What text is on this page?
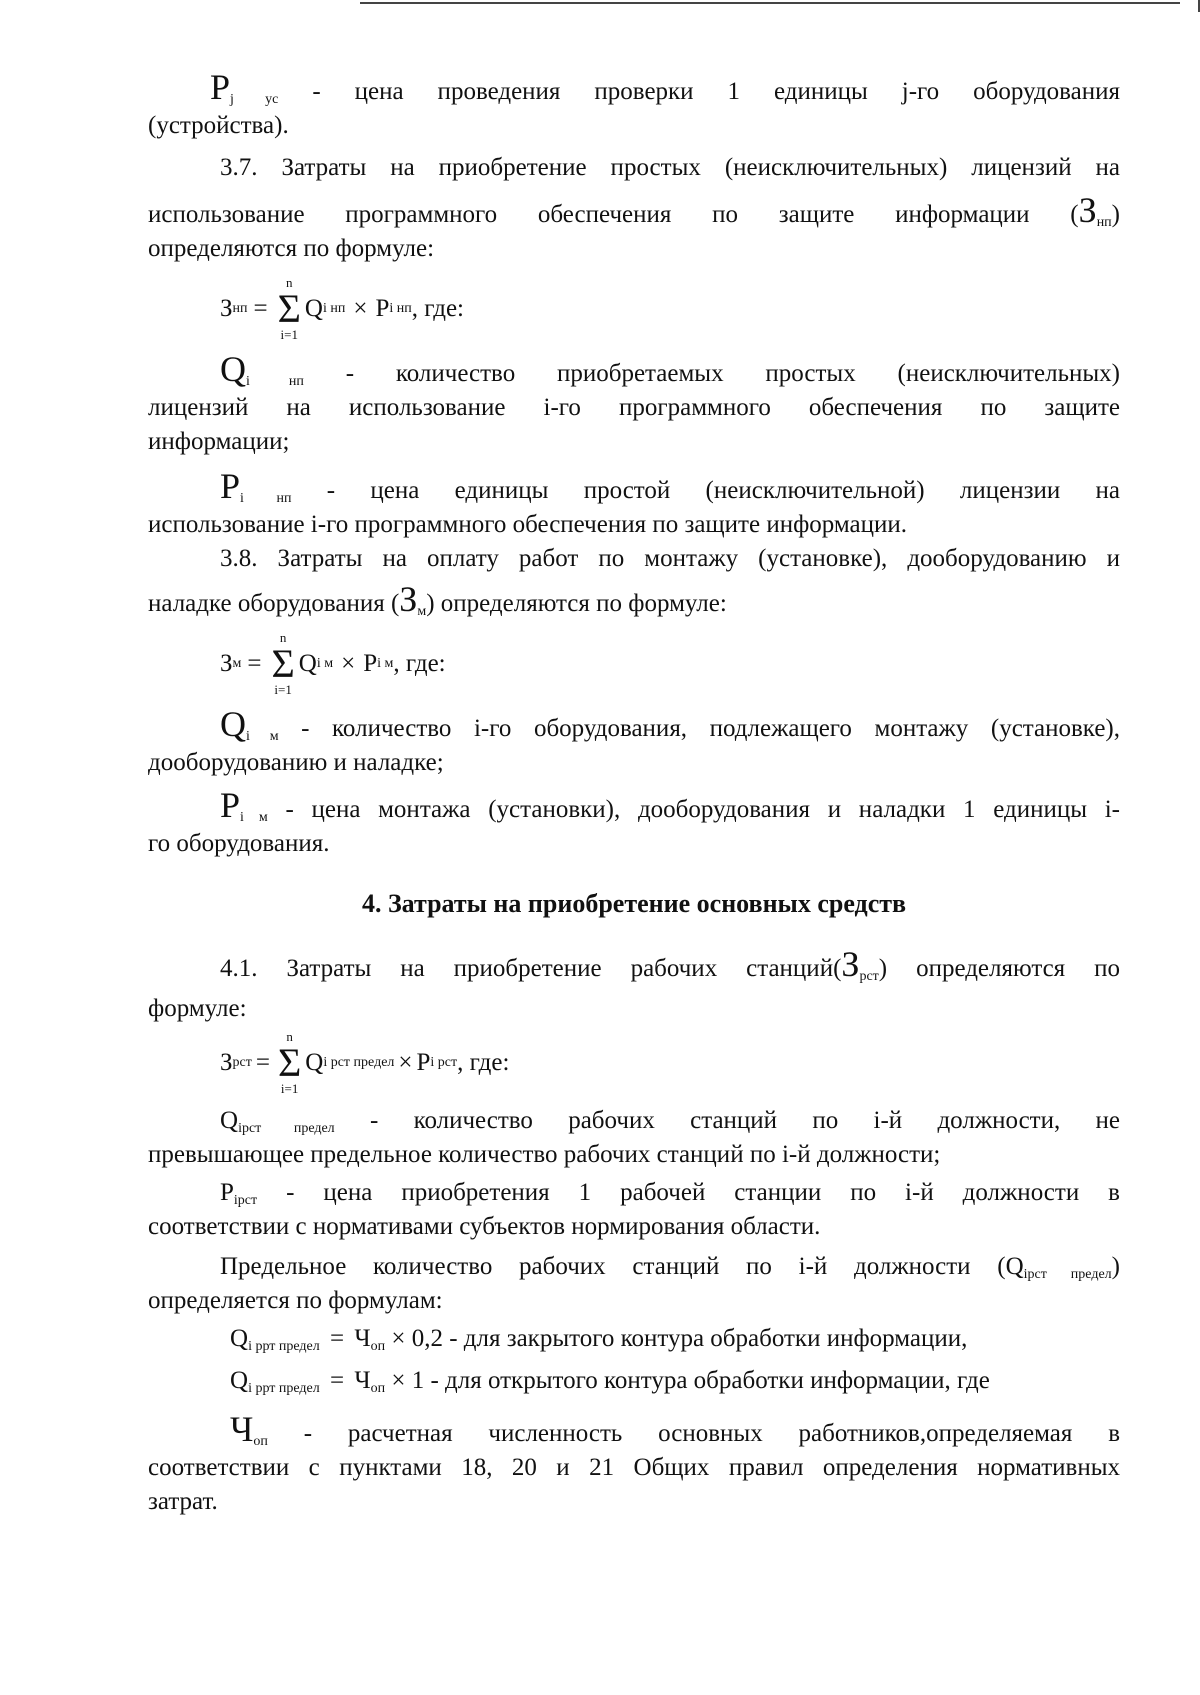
$P_{j ус}$ - цена проведения проверки 1 единицы j-го оборудования

(устройства).

3.7. Затраты на приобретение простых (неисключительных) лицензий на

использование программного обеспечения по защите информации $(З_{нп})$

определяются по формуле:

З нп =
n
Σ
i=1
Q i нп × P i нп , где:

$Q_{i нп}$ - количество приобретаемых простых (неисключительных)

лицензий на использование i-го программного обеспечения по защите

информации;

$P_{i нп}$ - цена единицы простой (неисключительной) лицензии на

использование i-го программного обеспечения по защите информации.

3.8. Затраты на оплату работ по монтажу (установке), дооборудованию и

наладке оборудования $(З_м)$ определяются по формуле:

З м =
n
Σ
i=1
Q i м × P i м , где:

$Q_{i м}$ - количество i-го оборудования, подлежащего монтажу (установке),

дооборудованию и наладке;

$P_{i м}$ - цена монтажа (установки), дооборудования и наладки 1 единицы i-

го оборудования.

4. Затраты на приобретение основных средств

4.1. Затраты на приобретение рабочих $станций(З_{рст})$ определяются по

формуле:

З рст =
n
Σ
i=1
Q i рст предел × P i рст , где:

$Q_{iрст предел}$ - количество рабочих станций по i-й должности, не

превышающее предельное количество рабочих станций по i-й должности;

$P_{iрст}$ - цена приобретения 1 рабочей станции по i-й должности в

соответствии с нормативами субъектов нормирования области.

Предельное количество рабочих станций по i-й должности $(Q_{iрст предел})$

определяется по формулам:

$Q_{i ррт предел} = Ч_{оп} \times 0,2$ - для закрытого контура обработки информации,

$Q_{i ррт предел} = Ч_{оп} \times 1$ - для открытого контура обработки информации, где

$Ч_{оп}$ - расчетная численность основных работников,определяемая в

соответствии с пунктами 18, 20 и 21 Общих правил определения нормативных

затрат.
